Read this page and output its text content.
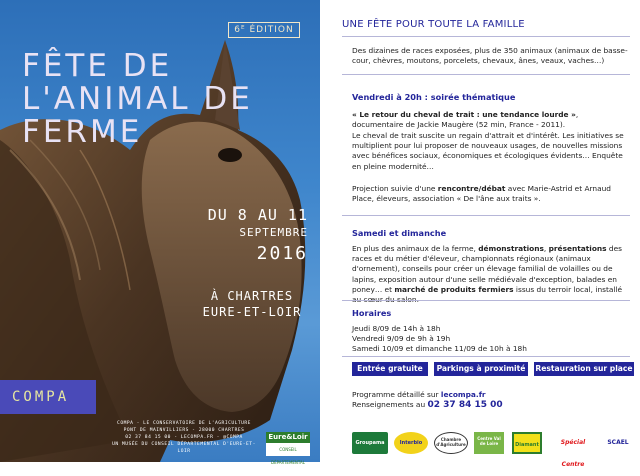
6ᴱ ÉDITION
FÊTE DE
L'ANIMAL DE
FERME
DU 8 AU 11
SEPTEMBRE
2016
À CHARTRES
EURE-ET-LOIR
COMPA
COMPA - LE CONSERVATOIRE DE L'AGRICULTURE
PONT DE MAINVILLIERS - 28000 CHARTRES
02 37 84 15 00 - LECOMPA.FR - @COMPA
UN MUSÉE DU CONSEIL DÉPARTEMENTAL D'EURE-ET-LOIR
Eure&Loir
CONSEIL DÉPARTEMENTAL
UNE FÊTE POUR TOUTE LA FAMILLE
Des dizaines de races exposées, plus de 350 animaux (animaux de basse-cour, chèvres, moutons, porcelets, chevaux, ânes, veaux, vaches…)
Vendredi à 20h : soirée thématique
« Le retour du cheval de trait : une tendance lourde », documentaire de Jackie Maugère (52 min, France - 2011).
Le cheval de trait suscite un regain d'attrait et d'intérêt. Les initiatives se multiplient pour lui proposer de nouveaux usages, de nouvelles missions avec bénéfices sociaux, économiques et écologiques évidents… Enquête en pleine modernité…
Projection suivie d'une rencontre/débat avec Marie-Astrid et Arnaud Place, éleveurs, association « De l'âne aux traits ».
Samedi et dimanche
En plus des animaux de la ferme, démonstrations, présentations des races et du métier d'éleveur, championnats régionaux (animaux d'ornement), conseils pour créer un élevage familial de volailles ou de lapins, exposition autour d'une selle médiévale d'exception, balades en poney… et marché de produits fermiers issus du terroir local, installé
Horaires
Jeudi 8/09 de 14h à 18h
Vendredi 9/09 de 9h à 19h
Samedi 10/09 et dimanche 11/09 de 10h à 18h
Entrée gratuite	Parkings à proximité	Restauration sur place
Programme détaillé sur lecompa.fr
Renseignements au 02 37 84 15 00
Groupama	Interbio
Chambre d'Agriculture
Centre Val de Loire	Diamant	Spécial Centre
SCAEL
